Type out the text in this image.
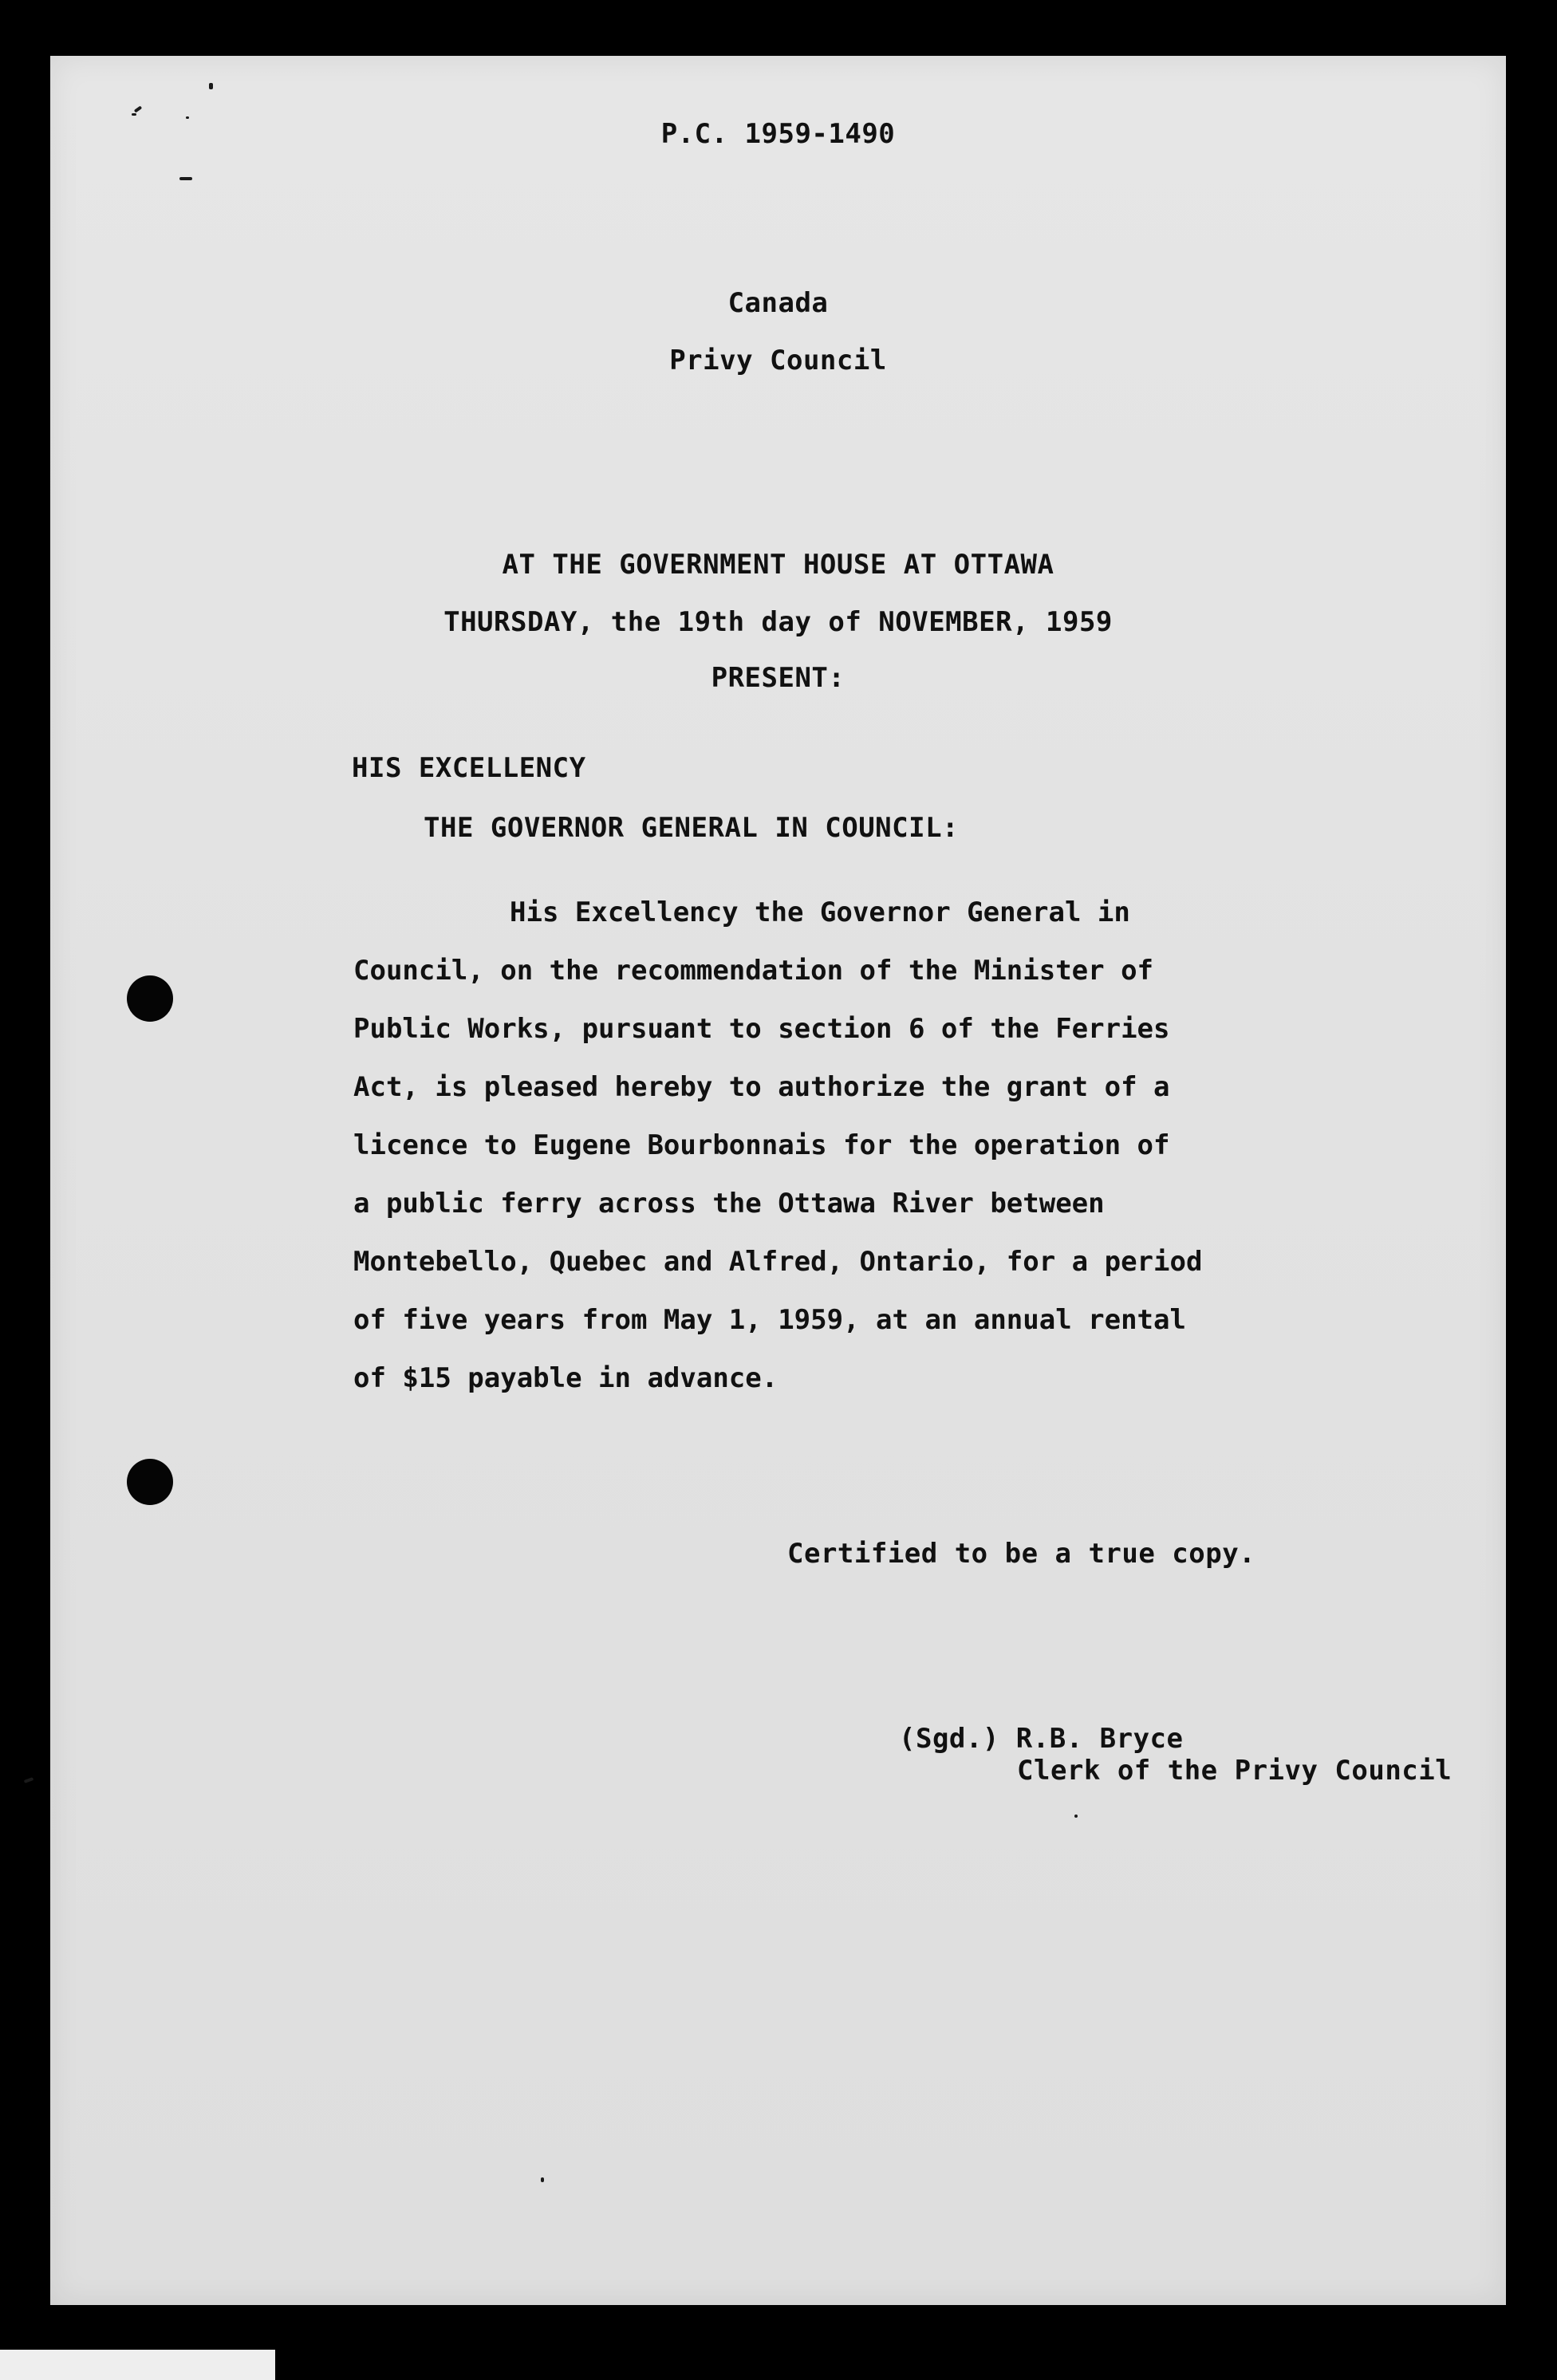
P.C. 1959-1490
Canada
Privy Council
AT THE GOVERNMENT HOUSE AT OTTAWA
THURSDAY, the 19th day of NOVEMBER, 1959
PRESENT:
HIS EXCELLENCY
THE GOVERNOR GENERAL IN COUNCIL:
His Excellency the Governor General in
Council, on the recommendation of the Minister of
Public Works, pursuant to section 6 of the Ferries
Act, is pleased hereby to authorize the grant of a
licence to Eugene Bourbonnais for the operation of
a public ferry across the Ottawa River between
Montebello, Quebec and Alfred, Ontario, for a period
of five years from May 1, 1959, at an annual rental
of $15 payable in advance.
Certified to be a true copy.
(Sgd.) R.B. Bryce
Clerk of the Privy Council
